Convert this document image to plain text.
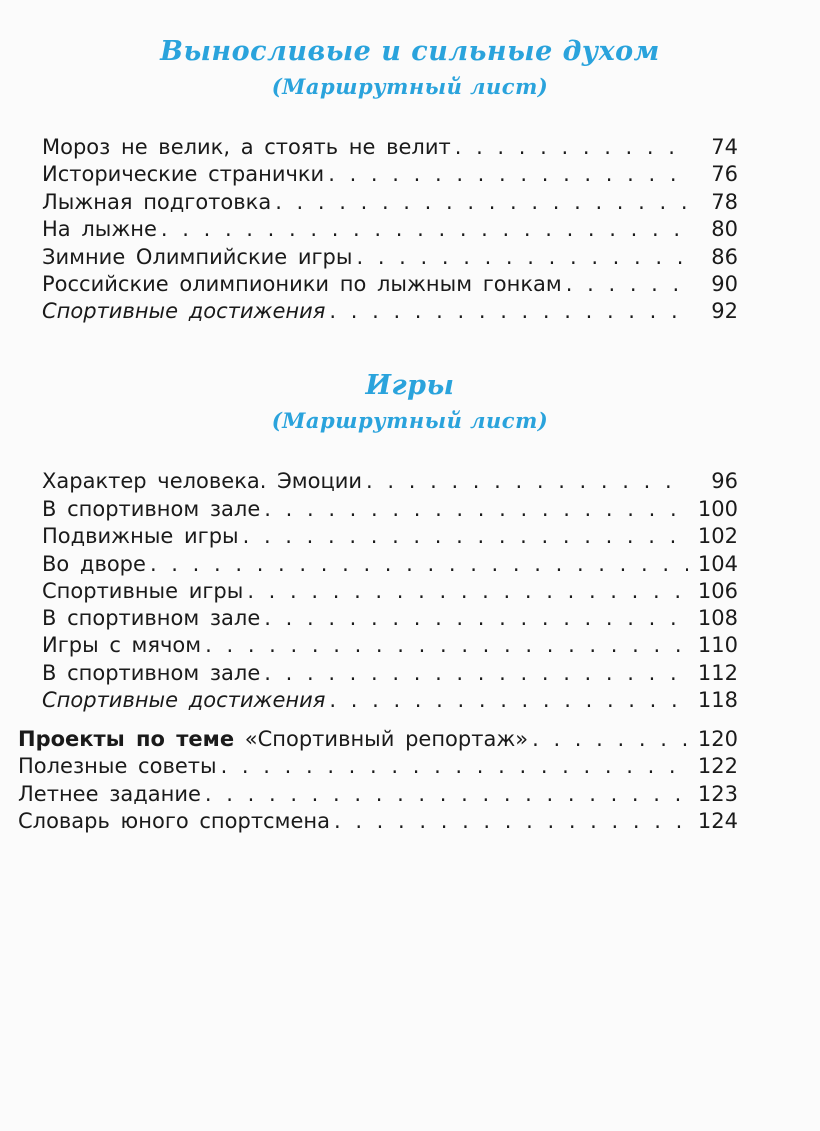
Выносливые и сильные духом
(Маршрутный лист)
Мороз не велик, а стоять не велит . . .	74
Исторические странички . . .	76
Лыжная подготовка . . .	78
На лыжне . . .	80
Зимние Олимпийские игры . . .	86
Российские олимпионики по лыжным гонкам . . .	90
Спортивные достижения . . .	92
Игры
(Маршрутный лист)
Характер человека. Эмоции . . .	96
В спортивном зале . . .	100
Подвижные игры . . .	102
Во дворе . . .	104
Спортивные игры . . .	106
В спортивном зале . . .	108
Игры с мячом . . .	110
В спортивном зале . . .	112
Спортивные достижения . . .	118
Проекты по теме «Спортивный репортаж» . . .	120
Полезные советы . . .	122
Летнее задание . . .	123
Словарь юного спортсмена . . .	124
